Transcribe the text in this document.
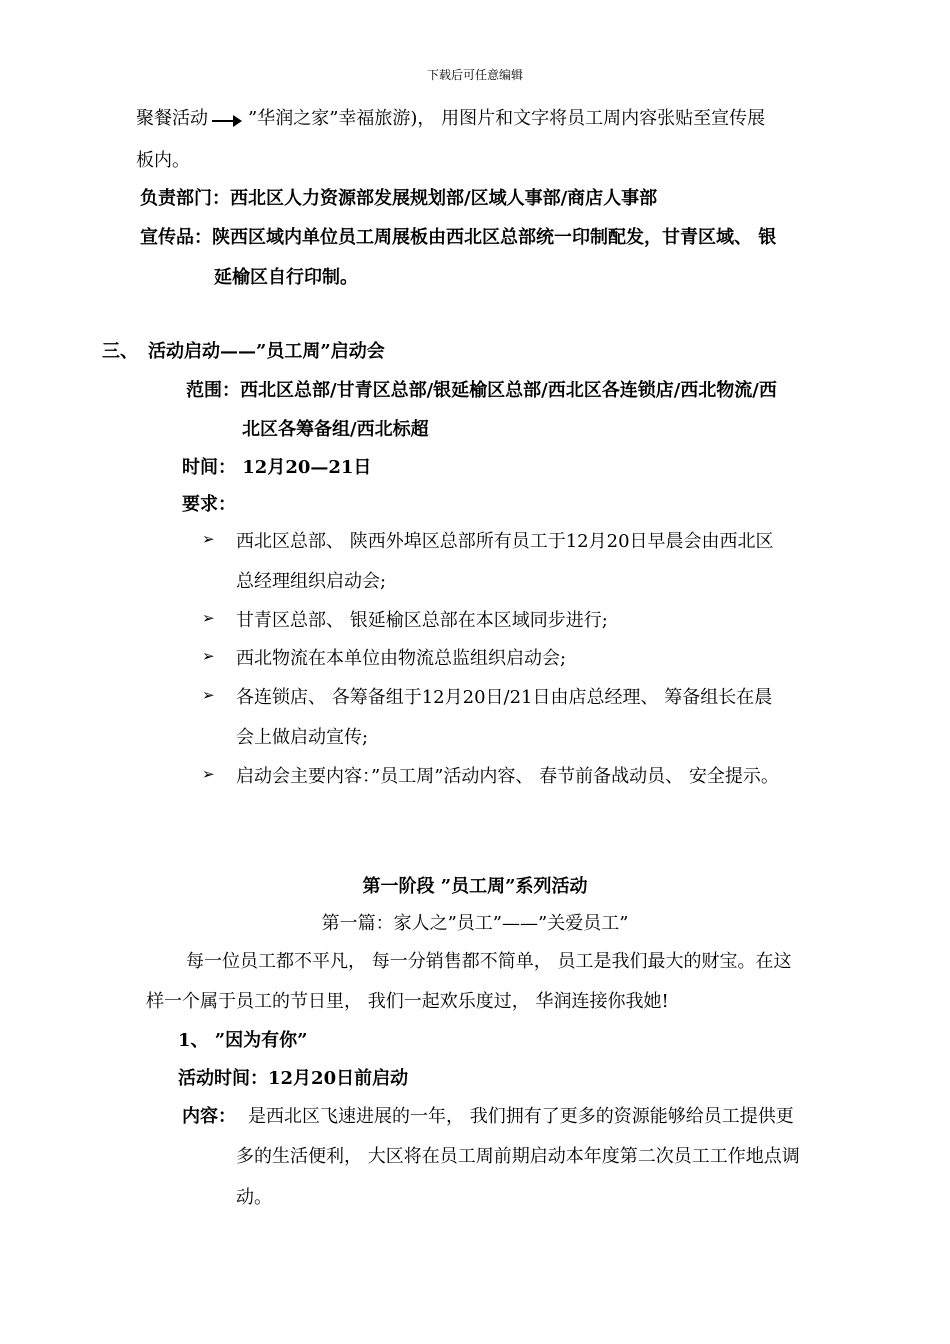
下载后可任意编辑
聚餐活动 ”华润之家”幸福旅游)， 用图片和文字将员工周内容张贴至宣传展
板内。
负责部门：西北区人力资源部发展规划部/区域人事部/商店人事部
宣传品：陕西区域内单位员工周展板由西北区总部统一印制配发，甘青区域、 银
延榆区自行印制。
三、 活动启动——”员工周”启动会
范围：西北区总部/甘青区总部/银延榆区总部/西北区各连锁店/西北物流/西
北区各筹备组/西北标超
时间： 12月20—21日
要求：
➢ 西北区总部、 陕西外埠区总部所有员工于12月20日早晨会由西北区
总经理组织启动会;
➢ 甘青区总部、 银延榆区总部在本区域同步进行;
➢ 西北物流在本单位由物流总监组织启动会;
➢ 各连锁店、 各筹备组于12月20日/21日由店总经理、 筹备组长在晨
会上做启动宣传;
➢ 启动会主要内容：”员工周”活动内容、 春节前备战动员、 安全提示。
第一阶段 ”员工周”系列活动
第一篇：家人之”员工”——”关爱员工”
每一位员工都不平凡， 每一分销售都不简单， 员工是我们最大的财宝。在这
样一个属于员工的节日里， 我们一起欢乐度过， 华润连接你我她!
1、 ”因为有你”
活动时间：12月20日前启动
内容： 是西北区飞速进展的一年， 我们拥有了更多的资源能够给员工提供更
多的生活便利， 大区将在员工周前期启动本年度第二次员工工作地点调
动。
